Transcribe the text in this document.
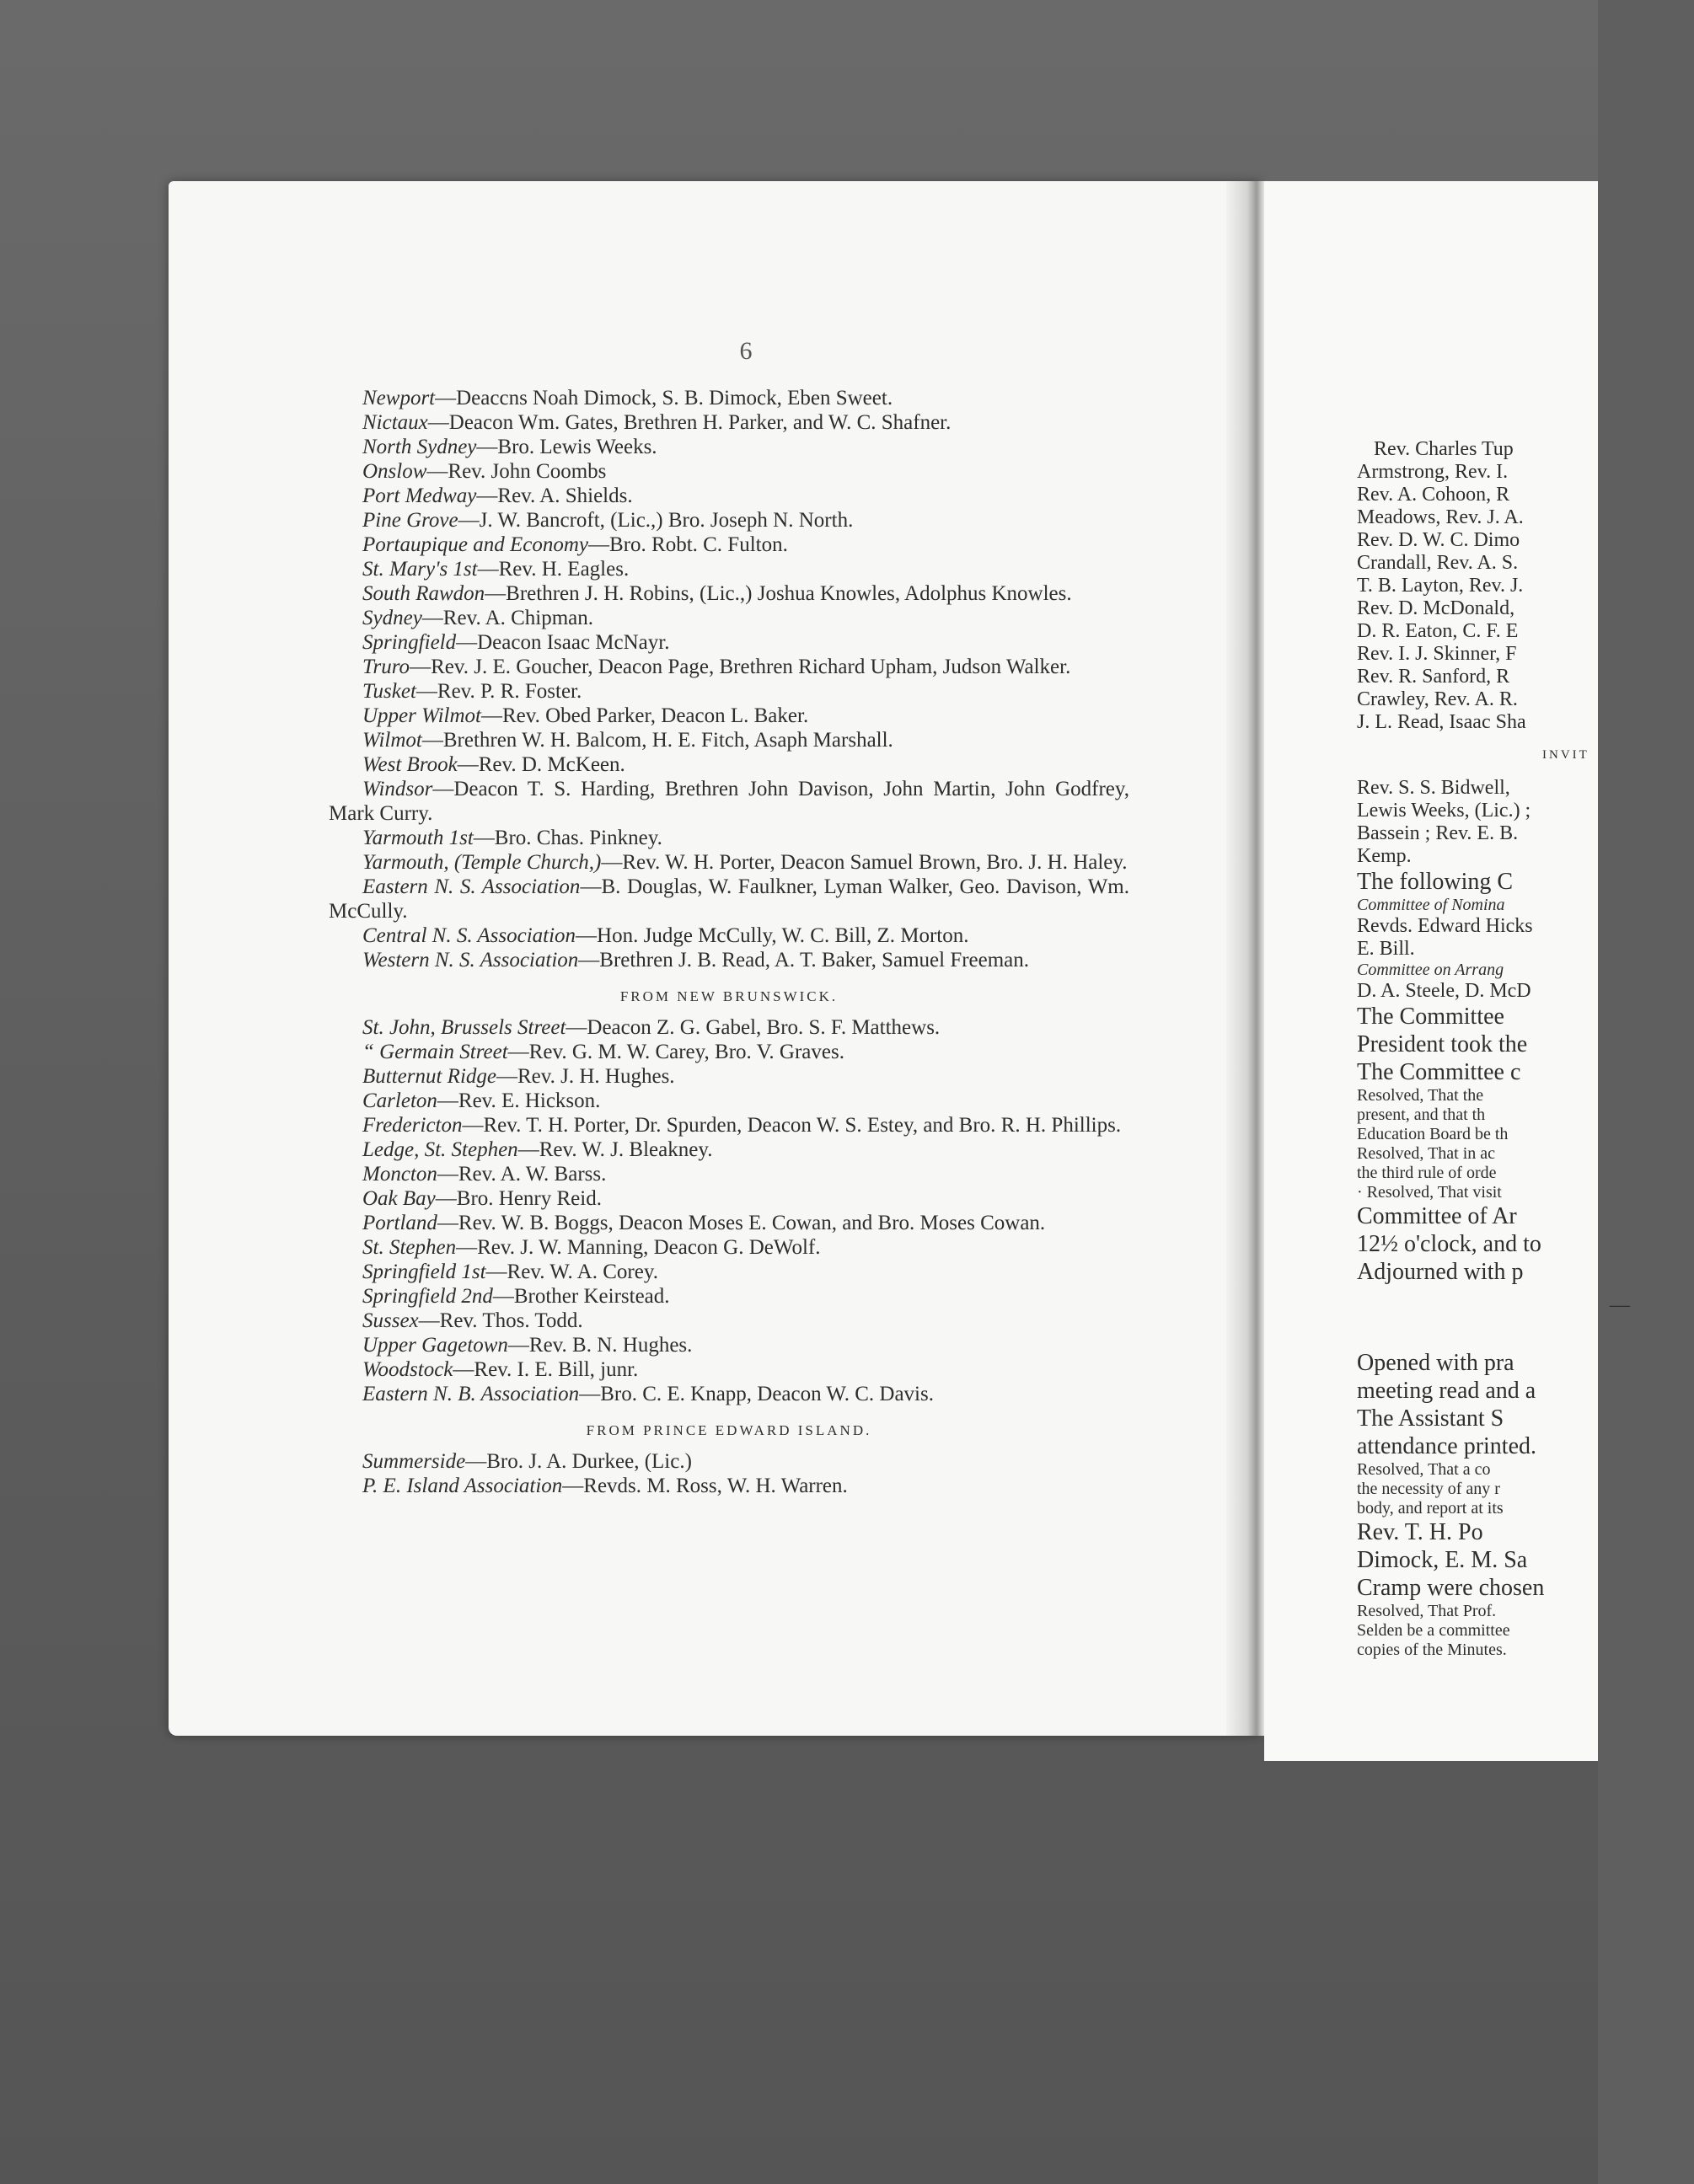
6

Newport—Deaccns Noah Dimock, S. B. Dimock, Eben Sweet.

Nictaux—Deacon Wm. Gates, Brethren H. Parker, and W. C. Shafner.

North Sydney—Bro. Lewis Weeks.

Onslow—Rev. John Coombs

Port Medway—Rev. A. Shields.

Pine Grove—J. W. Bancroft, (Lic.,) Bro. Joseph N. North.

Portaupique and Economy—Bro. Robt. C. Fulton.

St. Mary's 1st—Rev. H. Eagles.

South Rawdon—Brethren J. H. Robins, (Lic.,) Joshua Knowles, Adolphus Knowles.

Sydney—Rev. A. Chipman.

Springfield—Deacon Isaac McNayr.

Truro—Rev. J. E. Goucher, Deacon Page, Brethren Richard Upham, Judson Walker.

Tusket—Rev. P. R. Foster.

Upper Wilmot—Rev. Obed Parker, Deacon L. Baker.

Wilmot—Brethren W. H. Balcom, H. E. Fitch, Asaph Marshall.

West Brook—Rev. D. McKeen.

Windsor—Deacon T. S. Harding, Brethren John Davison, John Martin, John Godfrey, Mark Curry.

Yarmouth 1st—Bro. Chas. Pinkney.

Yarmouth, (Temple Church,)—Rev. W. H. Porter, Deacon Samuel Brown, Bro. J. H. Haley.

Eastern N. S. Association—B. Douglas, W. Faulkner, Lyman Walker, Geo. Davison, Wm. McCully.

Central N. S. Association—Hon. Judge McCully, W. C. Bill, Z. Morton.

Western N. S. Association—Brethren J. B. Read, A. T. Baker, Samuel Freeman.

FROM NEW BRUNSWICK.

St. John, Brussels Street—Deacon Z. G. Gabel, Bro. S. F. Matthews.

“ Germain Street—Rev. G. M. W. Carey, Bro. V. Graves.

Butternut Ridge—Rev. J. H. Hughes.

Carleton—Rev. E. Hickson.

Fredericton—Rev. T. H. Porter, Dr. Spurden, Deacon W. S. Estey, and Bro. R. H. Phillips.

Ledge, St. Stephen—Rev. W. J. Bleakney.

Moncton—Rev. A. W. Barss.

Oak Bay—Bro. Henry Reid.

Portland—Rev. W. B. Boggs, Deacon Moses E. Cowan, and Bro. Moses Cowan.

St. Stephen—Rev. J. W. Manning, Deacon G. DeWolf.

Springfield 1st—Rev. W. A. Corey.

Springfield 2nd—Brother Keirstead.

Sussex—Rev. Thos. Todd.

Upper Gagetown—Rev. B. N. Hughes.

Woodstock—Rev. I. E. Bill, junr.

Eastern N. B. Association—Bro. C. E. Knapp, Deacon W. C. Davis.

FROM PRINCE EDWARD ISLAND.

Summerside—Bro. J. A. Durkee, (Lic.)

P. E. Island Association—Revds. M. Ross, W. H. Warren.

Rev. Charles Tup
Armstrong, Rev. I.
Rev. A. Cohoon, R
Meadows, Rev. J. A.
Rev. D. W. C. Dimo
Crandall, Rev. A. S.
T. B. Layton, Rev. J.
Rev. D. McDonald,
D. R. Eaton, C. F. E
Rev. I. J. Skinner, F
Rev. R. Sanford, R
Crawley, Rev. A. R.
J. L. Read, Isaac Sha
INVIT
Rev. S. S. Bidwell,
Lewis Weeks, (Lic.) ;
Bassein ; Rev. E. B.
Kemp.
The following C
Committee of Nomina
Revds. Edward Hicks
E. Bill.
Committee on Arrang
D. A. Steele, D. McD
The Committee
President took the
The Committee c
Resolved, That the
present, and that th
Education Board be th
Resolved, That in ac
the third rule of orde
· Resolved, That visit
Committee of Ar
12½ o'clock, and to
Adjourned with p
—
Opened with pra
meeting read and a
The Assistant S
attendance printed.
Resolved, That a co
the necessity of any r
body, and report at its
Rev. T. H. Po
Dimock, E. M. Sa
Cramp were chosen
Resolved, That Prof.
Selden be a committee
copies of the Minutes.
